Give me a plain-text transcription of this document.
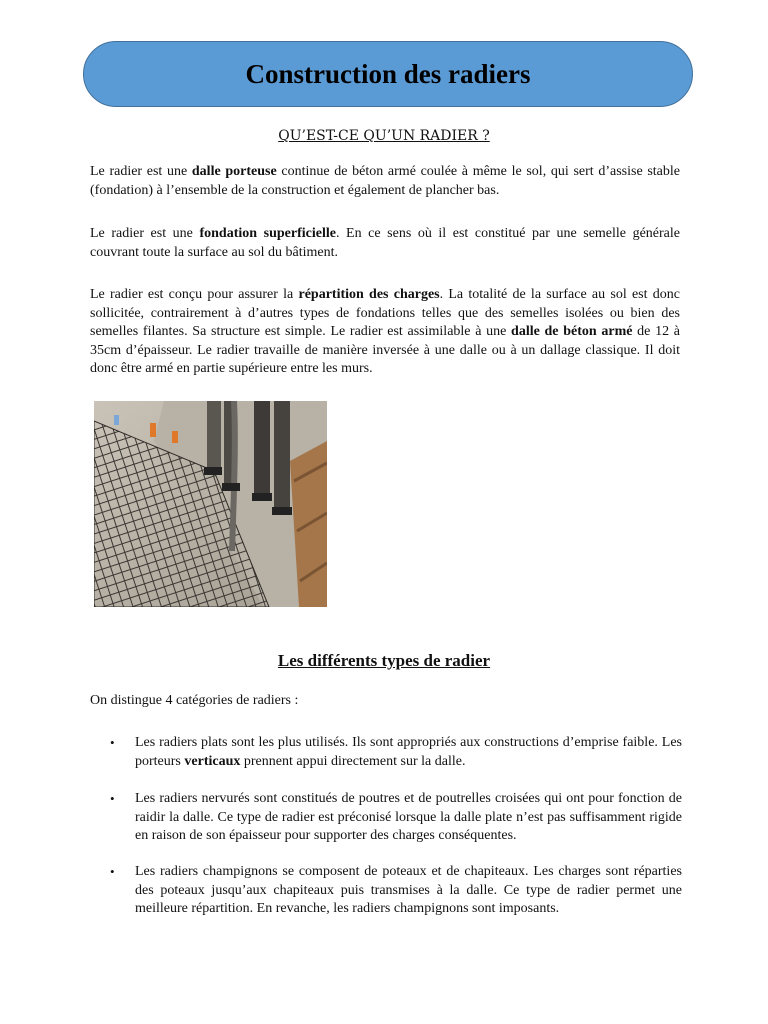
Construction des radiers
QU’EST-CE QU’UN RADIER ?

Le radier est une dalle porteuse continue de béton armé coulée à même le sol, qui sert d’assise stable (fondation) à l’ensemble de la construction et également de plancher bas.

Le radier est une fondation superficielle. En ce sens où il est constitué par une semelle générale couvrant toute la surface au sol du bâtiment.

Le radier est conçu pour assurer la répartition des charges. La totalité de la surface au sol est donc sollicitée, contrairement à d’autres types de fondations telles que des semelles isolées ou bien des semelles filantes. Sa structure est simple. Le radier est assimilable à une dalle de béton armé de 12 à 35cm d’épaisseur. Le radier travaille de manière inversée à une dalle ou à un dallage classique. Il doit donc être armé en partie supérieure entre les murs.

Les différents types de radier

On distingue 4 catégories de radiers :

• Les radiers plats sont les plus utilisés. Ils sont appropriés aux constructions d’emprise faible. Les porteurs verticaux prennent appui directement sur la dalle.

• Les radiers nervurés sont constitués de poutres et de poutrelles croisées qui ont pour fonction de raidir la dalle. Ce type de radier est préconisé lorsque la dalle plate n’est pas suffisamment rigide en raison de son épaisseur pour supporter des charges conséquentes.

• Les radiers champignons se composent de poteaux et de chapiteaux. Les charges sont réparties des poteaux jusqu’aux chapiteaux puis transmises à la dalle. Ce type de radier permet une meilleure répartition. En revanche, les radiers champignons sont imposants.
